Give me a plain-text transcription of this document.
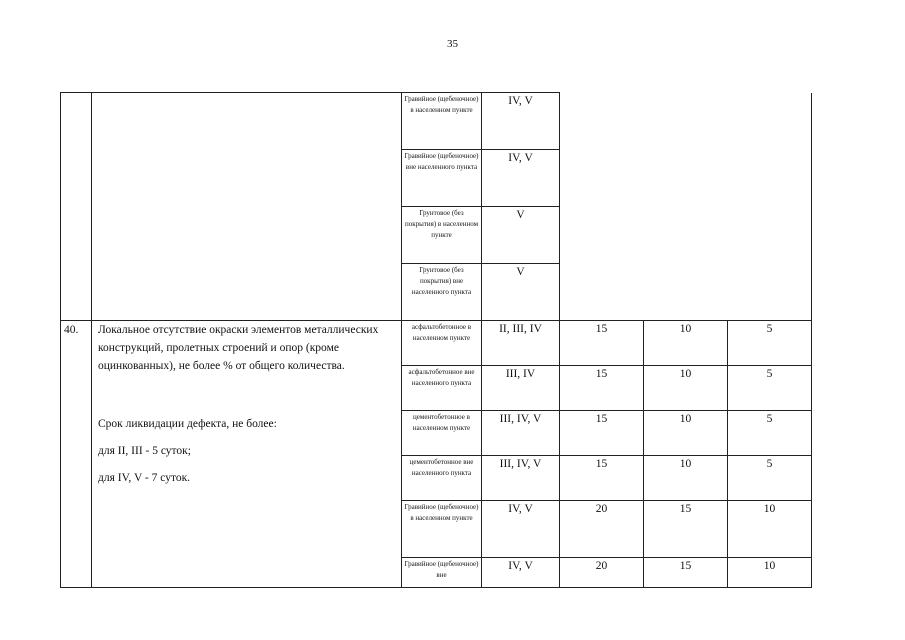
35
		Гравийное (щебеночное) в населенном пункте	IV, V			
		Гравийное (щебеночное) вне населенного пункта	IV, V			
		Грунтовое (без покрытия) в населенном пункте	V			
		Грунтовое (без покрытия) вне населенного пункта	V			
40.	Локальное отсутствие окраски элементов металлических конструкций, пролетных строений и опор (кроме оцинкованных), не более % от общего количества.

Срок ликвидации дефекта, не более:

для II, III - 5 суток;

для IV, V - 7 суток.	асфальтобетонное в населенном пункте	II, III, IV	15	10	5
		асфальтобетонное вне населенного пункта	III, IV	15	10	5
		цементобетонное в населенном пункте	III, IV, V	15	10	5
		цементобетонное вне населенного пункта	III, IV, V	15	10	5
		Гравийное (щебеночное) в населенном пункте	IV, V	20	15	10
		Гравийное (щебеночное) вне	IV, V	20	15	10
